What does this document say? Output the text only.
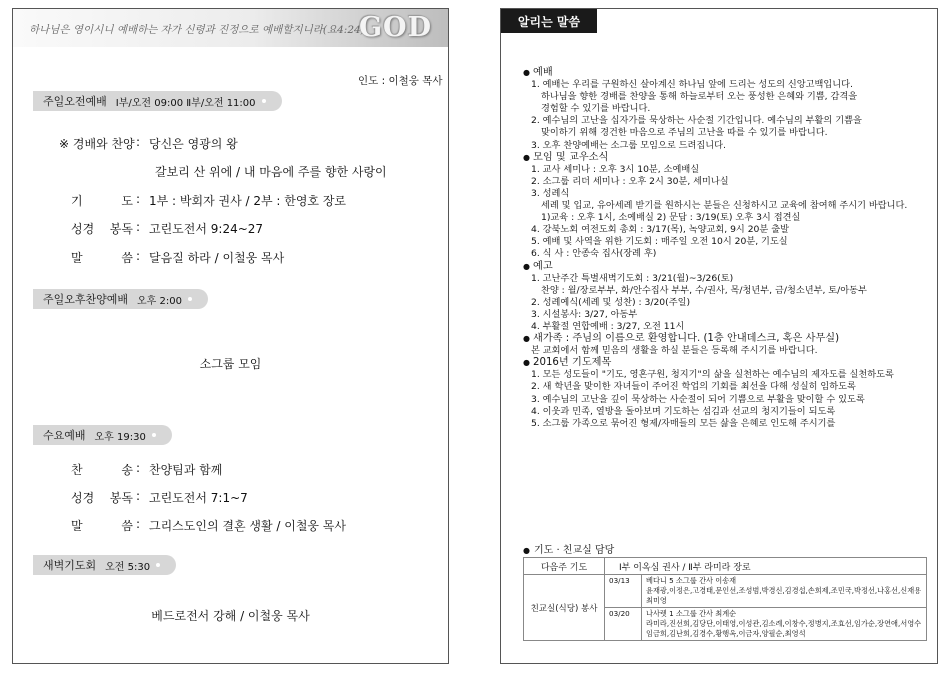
하나님은 영이시니 예배하는 자가 신령과 진정으로 예배할지니라(요4:24)
GOD
인도 : 이철웅 목사
주일오전예배 Ⅰ부/오전 09:00 Ⅱ부/오전 11:00
※ 경배와 찬양 : 당신은 영광의 왕
갈보리 산 위에 / 내 마음에 주를 향한 사랑이
기 도 : 1부 : 박회자 권사 / 2부 : 한영호 장로
성경 봉독 : 고린도전서 9:24~27
말 씀 : 달음질 하라 / 이철웅 목사
주일오후찬양예배 오후 2:00
소그룹 모임
수요예배 오후 19:30
찬 송 : 찬양팀과 함께
성경 봉독 : 고린도전서 7:1~7
말 씀 : 그리스도인의 결혼 생활 / 이철웅 목사
새벽기도회 오전 5:30
베드로전서 강해 / 이철웅 목사
알리는 말씀
● 예배
1. 예배는 우리를 구원하신 살아계신 하나님 앞에 드리는 성도의 신앙고백입니다.
하나님을 향한 경배를 찬양을 통해 하늘로부터 오는 풍성한 은혜와 기쁨, 감격을
경험할 수 있기를 바랍니다.
2. 예수님의 고난을 십자가를 묵상하는 사순절 기간입니다. 예수님의 부활의 기쁨을
맞이하기 위해 경건한 마음으로 주님의 고난을 따를 수 있기를 바랍니다.
3. 오후 찬양예배는 소그룹 모임으로 드려집니다.
● 모임 및 교우소식
1. 교사 세미나 : 오후 3시 10분, 소예배실
2. 소그룹 리더 세미나 : 오후 2시 30분, 세미나실
3. 성례식
세례 및 입교, 유아세례 받기를 원하시는 분들은 신청하시고 교육에 참여해 주시기 바랍니다.
1)교육 : 오후 1시, 소예배실 2) 문답 : 3/19(토) 오후 3시 접견실
4. 강북노회 여전도회 총회 : 3/17(목), 녹양교회, 9시 20분 출발
5. 예배 및 사역을 위한 기도회 : 매주일 오전 10시 20분, 기도실
6. 식 사 : 안종숙 집사(장례 후)
● 예고
1. 고난주간 특별새벽기도회 : 3/21(월)~3/26(토)
찬양 : 월/장로부부, 화/안수집사 부부, 수/권사, 목/청년부, 금/청소년부, 토/아동부
2. 성례예식(세례 및 성찬) : 3/20(주일)
3. 시설봉사: 3/27, 아동부
4. 부활절 연합예배 : 3/27, 오전 11시
● 새가족 : 주님의 이름으로 환영합니다. (1층 안내데스크, 혹은 사무실)
본 교회에서 함께 믿음의 생활을 하실 분들은 등록해 주시기를 바랍니다.
● 2016년 기도제목
1. 모든 성도들이 "기도, 영혼구원, 청지기"의 삶을 실천하는 예수님의 제자도를 실천하도록
2. 새 학년을 맞이한 자녀들이 주어진 학업의 기회를 최선을 다해 성실히 임하도록
3. 예수님의 고난을 깊이 묵상하는 사순절이 되어 기쁨으로 부활을 맞이할 수 있도록
4. 이웃과 민족, 열방을 돌아보며 기도하는 섬김과 선교의 청지기들이 되도록
5. 소그룹 가족으로 묶어진 형제/자매들의 모든 삶을 은혜로 인도해 주시기를
● 기도 · 친교실 담당
다음주 기도	Ⅰ부 이옥심 권사 / Ⅱ부 라미라 장로	
친교실(식당) 봉사	03/13	베다니 5 소그룹 간사 이송재
윤재광,이정은,고경태,문인선,조성범,박경신,김경섭,손희제,조민국,박정선,나홍선,신재용 최미영

	03/20	나사렛 1 소그룹 간사 최계순
라미라,진선희,김당단,이태영,이성관,김소례,이창수,정병지,조효선,임가순,장연애,서영수 임금희,김난희,김경수,황행옥,이금자,양필순,최영석
